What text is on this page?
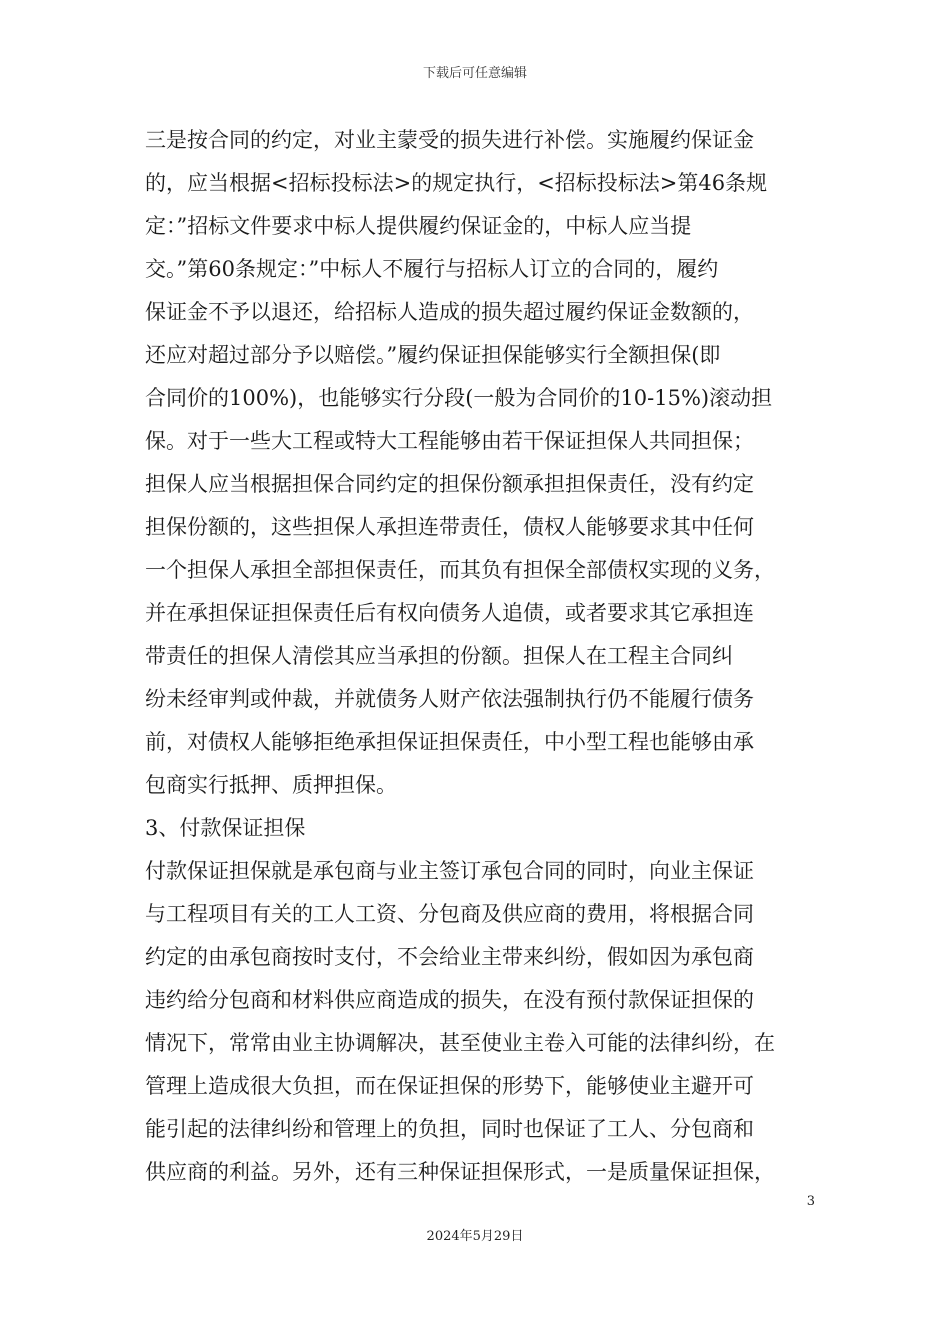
下载后可任意编辑
三是按合同的约定，对业主蒙受的损失进行补偿。实施履约保证金
的，应当根据<招标投标法>的规定执行，<招标投标法>第46条规
定：”招标文件要求中标人提供履约保证金的，中标人应当提
交。”第60条规定：”中标人不履行与招标人订立的合同的，履约
保证金不予以退还，给招标人造成的损失超过履约保证金数额的，
还应对超过部分予以赔偿。”履约保证担保能够实行全额担保(即
合同价的100%)，也能够实行分段(一般为合同价的10-15%)滚动担
保。对于一些大工程或特大工程能够由若干保证担保人共同担保；
担保人应当根据担保合同约定的担保份额承担担保责任，没有约定
担保份额的，这些担保人承担连带责任，债权人能够要求其中任何
一个担保人承担全部担保责任，而其负有担保全部债权实现的义务，
并在承担保证担保责任后有权向债务人追债，或者要求其它承担连
带责任的担保人清偿其应当承担的份额。担保人在工程主合同纠
纷未经审判或仲裁，并就债务人财产依法强制执行仍不能履行债务
前，对债权人能够拒绝承担保证担保责任，中小型工程也能够由承
包商实行抵押、质押担保。
3、付款保证担保
付款保证担保就是承包商与业主签订承包合同的同时，向业主保证
与工程项目有关的工人工资、分包商及供应商的费用，将根据合同
约定的由承包商按时支付，不会给业主带来纠纷，假如因为承包商
违约给分包商和材料供应商造成的损失，在没有预付款保证担保的
情况下，常常由业主协调解决，甚至使业主卷入可能的法律纠纷，在
管理上造成很大负担，而在保证担保的形势下，能够使业主避开可
能引起的法律纠纷和管理上的负担，同时也保证了工人、分包商和
供应商的利益。另外，还有三种保证担保形式，一是质量保证担保，
3
2024年5月29日
